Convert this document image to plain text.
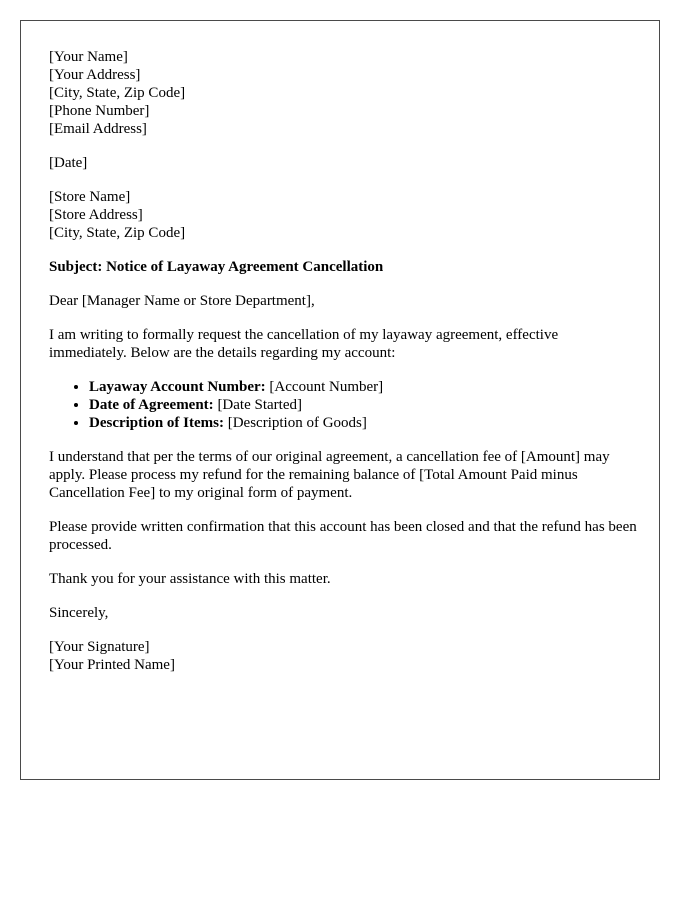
[Your Name]
[Your Address]
[City, State, Zip Code]
[Phone Number]
[Email Address]

[Date]

[Store Name]
[Store Address]
[City, State, Zip Code]

Subject: Notice of Layaway Agreement Cancellation

Dear [Manager Name or Store Department],

I am writing to formally request the cancellation of my layaway agreement, effective immediately. Below are the details regarding my account:

• Layaway Account Number: [Account Number]
• Date of Agreement: [Date Started]
• Description of Items: [Description of Goods]

I understand that per the terms of our original agreement, a cancellation fee of [Amount] may apply. Please process my refund for the remaining balance of [Total Amount Paid minus Cancellation Fee] to my original form of payment.

Please provide written confirmation that this account has been closed and that the refund has been processed.

Thank you for your assistance with this matter.

Sincerely,

[Your Signature]
[Your Printed Name]
